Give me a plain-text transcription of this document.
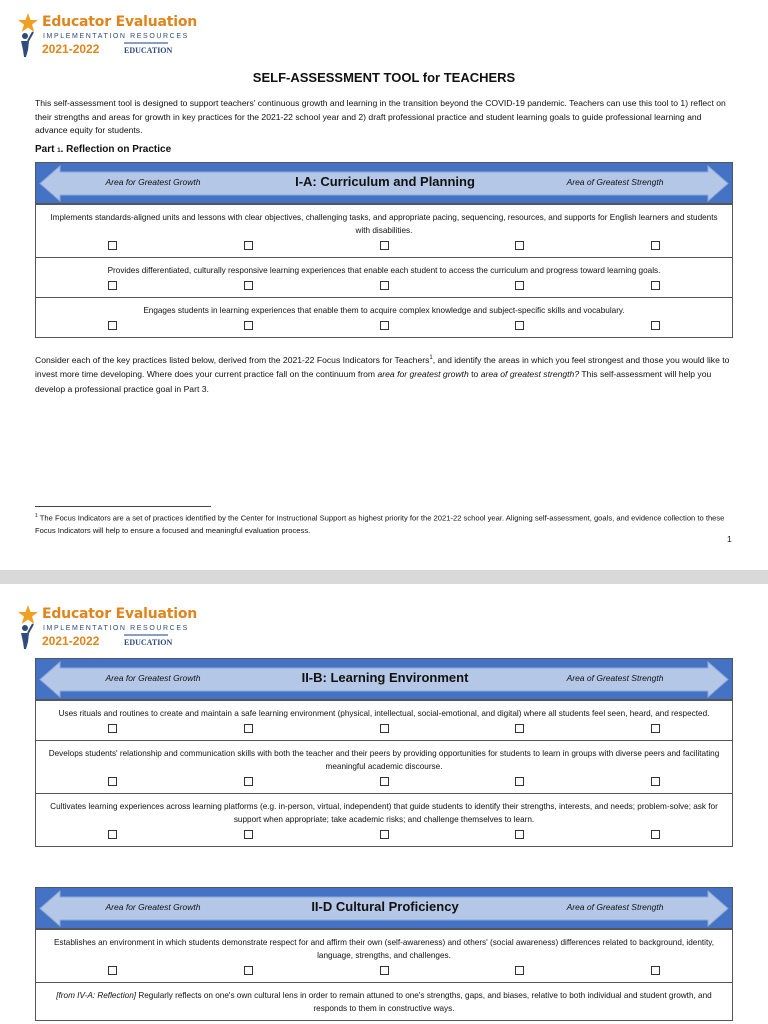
Educator Evaluation
IMPLEMENTATION RESOURCES
2021-2022	EDUCATION
SELF-ASSESSMENT TOOL for TEACHERS
This self-assessment tool is designed to support teachers' continuous growth and learning in the transition beyond the COVID-19 pandemic. Teachers can use this tool to 1) reflect on their strengths and areas for growth in key practices for the 2021-22 school year and 2) draft professional practice and student learning goals to guide professional learning and advance equity for students.
Part 1. Reflection on Practice
Area for Greatest Growth	I-A: Curriculum and Planning	Area of Greatest Strength
Implements standards-aligned units and lessons with clear objectives, challenging tasks, and appropriate pacing, sequencing, resources, and supports for English learners and students with disabilities.
Provides differentiated, culturally responsive learning experiences that enable each student to access the curriculum and progress toward learning goals.
Engages students in learning experiences that enable them to acquire complex knowledge and subject-specific skills and vocabulary.
Consider each of the key practices listed below, derived from the 2021-22 Focus Indicators for Teachers$^1$, and identify the areas in which you feel strongest and those you would like to invest more time developing. Where does your current practice fall on the continuum from area for greatest growth to area of greatest strength? This self-assessment will help you develop a professional practice goal in Part 3.
$^1$ The Focus Indicators are a set of practices identified by the Center for Instructional Support as highest priority for the 2021-22 school year. Aligning self-assessment, goals, and evidence collection to these Focus Indicators will help to ensure a focused and meaningful evaluation process.
1
Educator Evaluation
IMPLEMENTATION RESOURCES
2021-2022	EDUCATION
Area for Greatest Growth	II-B: Learning Environment	Area of Greatest Strength
Uses rituals and routines to create and maintain a safe learning environment (physical, intellectual, social-emotional, and digital) where all students feel seen, heard, and respected.
Develops students' relationship and communication skills with both the teacher and their peers by providing opportunities for students to learn in groups with diverse peers and facilitating meaningful academic discourse.
Cultivates learning experiences across learning platforms (e.g. in-person, virtual, independent) that guide students to identify their strengths, interests, and needs; problem-solve; ask for support when appropriate; take academic risks; and challenge themselves to learn.
Area for Greatest Growth	II-D Cultural Proficiency	Area of Greatest Strength
Establishes an environment in which students demonstrate respect for and affirm their own (self-awareness) and others' (social awareness) differences related to background, identity, language, strengths, and challenges.
[from IV-A: Reflection] Regularly reflects on one's own cultural lens in order to remain attuned to one's strengths, gaps, and biases, relative to both individual and student growth, and responds to them in constructive ways.
